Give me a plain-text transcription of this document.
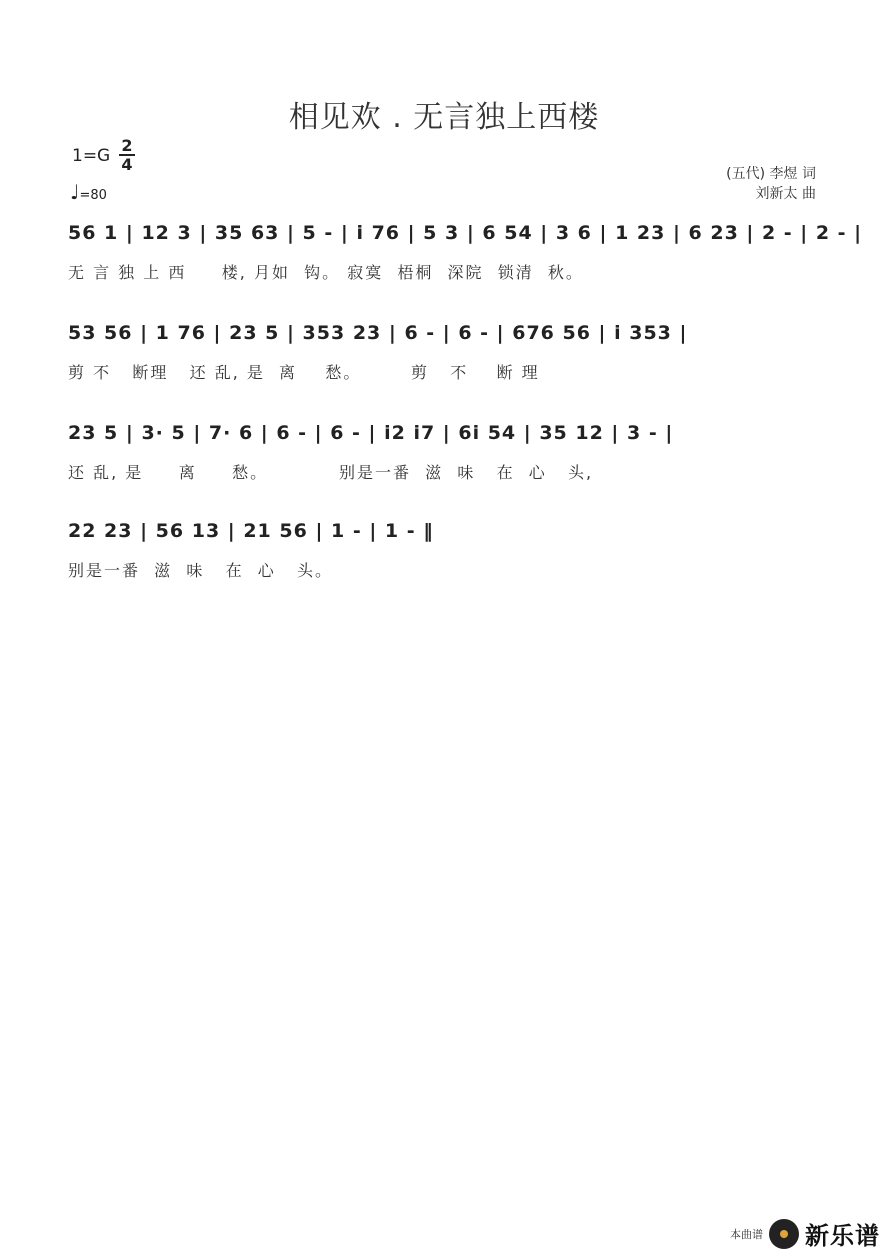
相见欢 . 无言独上西楼
1=G
2
4
♩=80
(五代) 李煜 词
刘新太 曲
56 1 | 12 3 | 35 63 | 5 - | i 76 | 5 3 | 6 54 | 3 6 | 1 23 | 6 23 | 2 - | 2 - |
无 言 独 上 西     楼, 月如  钩。 寂寞  梧桐  深院  锁清  秋。
53 56 | 1 76 | 23 5 | 353 23 | 6 - | 6 - | 676 56 | i 353 |
剪 不   断理   还 乱, 是  离    愁。       剪   不    断 理
23 5 | 3· 5 | 7· 6 | 6 - | 6 - | i2 i7 | 6i 54 | 35 12 | 3 - |
还 乱, 是     离     愁。          别是一番  滋  味   在  心   头,
22 23 | 56 13 | 21 56 | 1 - | 1 - ‖
别是一番  滋  味   在  心   头。
本曲谱 新乐谱
